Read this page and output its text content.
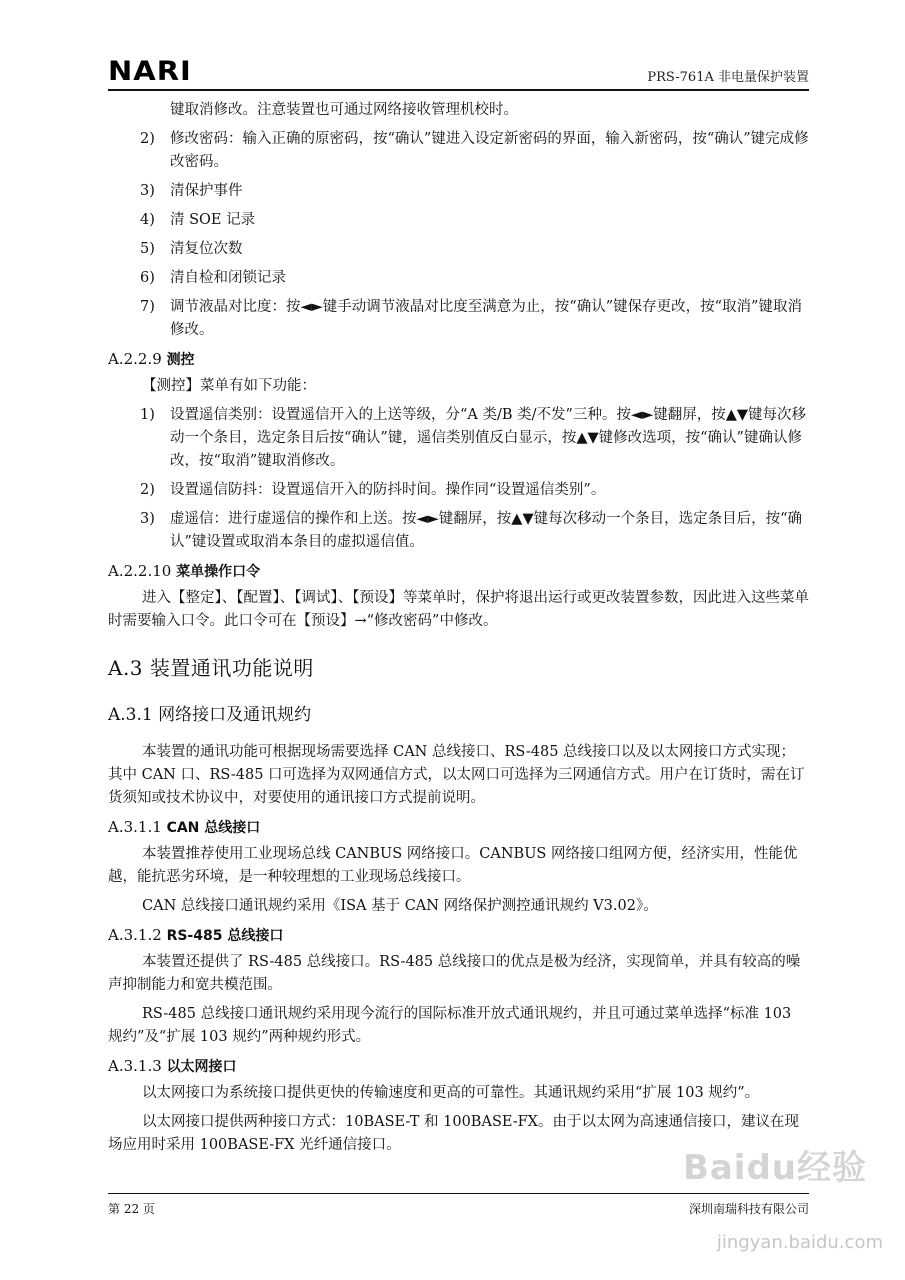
NARI	PRS-761A 非电量保护装置

键取消修改。注意装置也可通过网络接收管理机校时。

2) 修改密码：输入正确的原密码，按“确认”键进入设定新密码的界面，输入新密码，按“确认”键完成修改密码。
3) 清保护事件
4) 清 SOE 记录
5) 清复位次数
6) 清自检和闭锁记录
7) 调节液晶对比度：按◄►键手动调节液晶对比度至满意为止，按“确认”键保存更改，按“取消”键取消修改。
A.2.2.9 测控

【测控】菜单有如下功能：

1) 设置遥信类别：设置遥信开入的上送等级，分“A 类/B 类/不发”三种。按◄►键翻屏，按▲▼键每次移动一个条目，选定条目后按“确认”键，遥信类别值反白显示，按▲▼键修改选项，按“确认”键确认修改，按“取消”键取消修改。
2) 设置遥信防抖：设置遥信开入的防抖时间。操作同“设置遥信类别”。
3) 虚遥信：进行虚遥信的操作和上送。按◄►键翻屏，按▲▼键每次移动一个条目，选定条目后，按“确认”键设置或取消本条目的虚拟遥信值。
A.2.2.10 菜单操作口令

进入【整定】、【配置】、【调试】、【预设】等菜单时，保护将退出运行或更改装置参数，因此进入这些菜单时需要输入口令。此口令可在【预设】→“修改密码”中修改。

A.3 装置通讯功能说明
A.3.1 网络接口及通讯规约

本装置的通讯功能可根据现场需要选择 CAN 总线接口、RS-485 总线接口以及以太网接口方式实现；其中 CAN 口、RS-485 口可选择为双网通信方式，以太网口可选择为三网通信方式。用户在订货时，需在订货须知或技术协议中，对要使用的通讯接口方式提前说明。

A.3.1.1 CAN 总线接口

本装置推荐使用工业现场总线 CANBUS 网络接口。CANBUS 网络接口组网方便，经济实用，性能优越，能抗恶劣环境，是一种较理想的工业现场总线接口。

CAN 总线接口通讯规约采用《ISA 基于 CAN 网络保护测控通讯规约 V3.02》。

A.3.1.2 RS-485 总线接口

本装置还提供了 RS-485 总线接口。RS-485 总线接口的优点是极为经济，实现简单，并具有较高的噪声抑制能力和宽共模范围。

RS-485 总线接口通讯规约采用现今流行的国际标准开放式通讯规约，并且可通过菜单选择“标准 103 规约”及“扩展 103 规约”两种规约形式。

A.3.1.3 以太网接口

以太网接口为系统接口提供更快的传输速度和更高的可靠性。其通讯规约采用“扩展 103 规约”。

以太网接口提供两种接口方式：10BASE-T 和 100BASE-FX。由于以太网为高速通信接口，建议在现场应用时采用 100BASE-FX 光纤通信接口。

Baidu经验
jingyan.baidu.com
第 22 页	深圳南瑞科技有限公司
